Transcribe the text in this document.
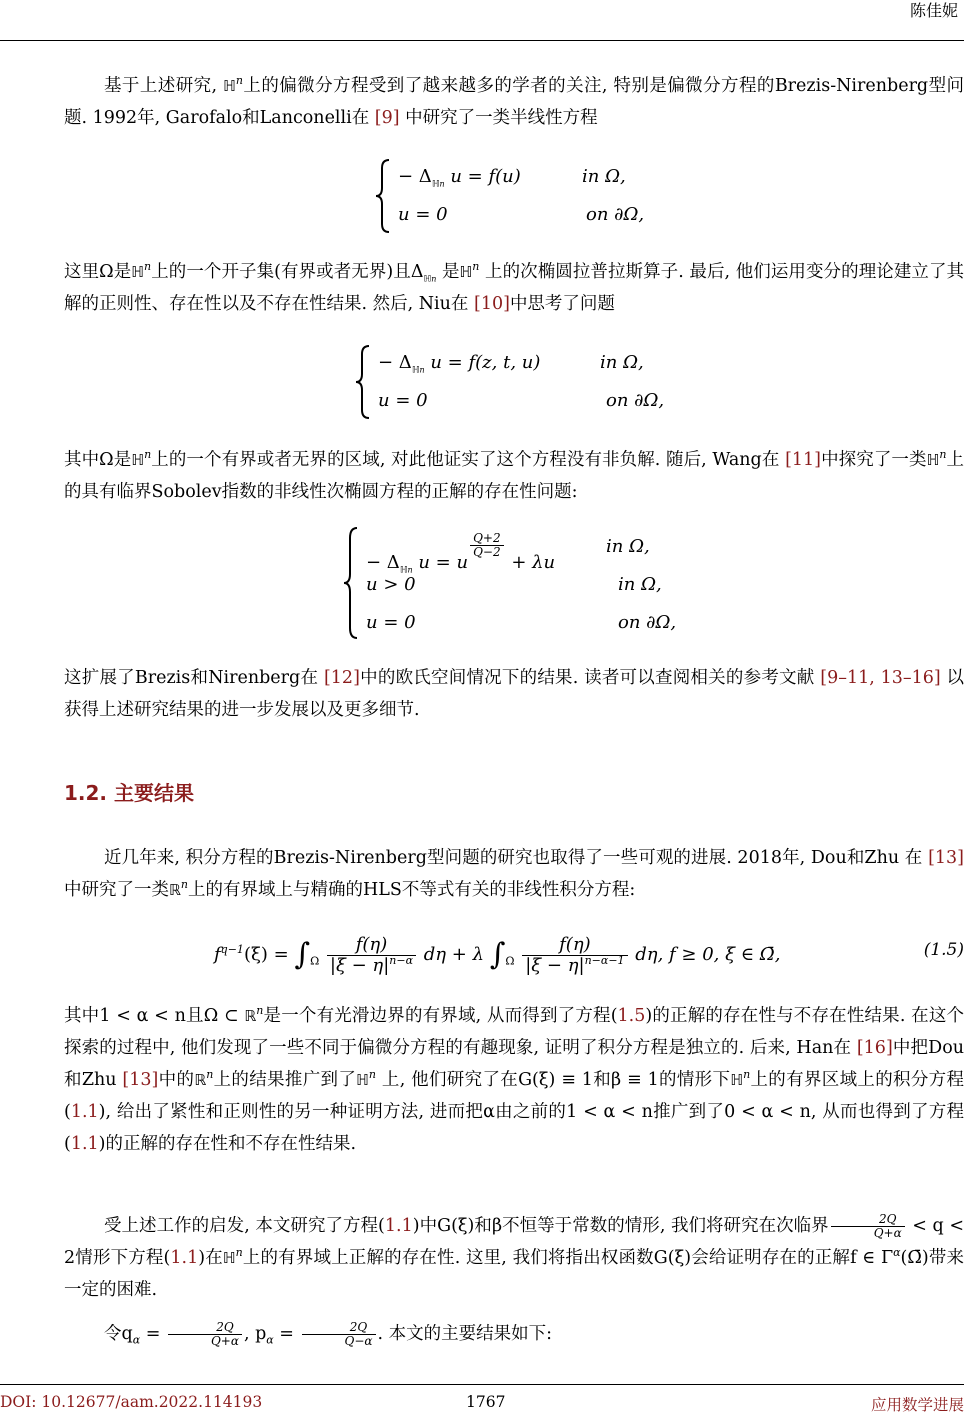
陈佳妮

基于上述研究, ℍ$^n$上的偏微分方程受到了越来越多的学者的关注, 特别是偏微分方程的Brezis-Nirenberg型问题. 1992年, Garofalo和Lanconelli在 [9] 中研究了一类半线性方程

− $\Delta_{ℍn}$ u = f(u)	in Ω,
u = 0	on ∂Ω,

这里Ω是ℍ$^n$上的一个开子集(有界或者无界)且$\Delta_{ℍn}$ 是ℍ$^n$ 上的次椭圆拉普拉斯算子. 最后, 他们运用变分的理论建立了其解的正则性、存在性以及不存在性结果. 然后, Niu在 [10]中思考了问题

− $\Delta_{ℍn}$ u = f(z, t, u)	in Ω,
u = 0	on ∂Ω,

其中Ω是ℍ$^n$上的一个有界或者无界的区域, 对此他证实了这个方程没有非负解. 随后, Wang在 [11]中探究了一类ℍ$^n$上的具有临界Sobolev指数的非线性次椭圆方程的正解的存在性问题:

− $\Delta_{ℍn}$ u = u
$\frac{Q+2}{Q-2}$
+ λu
in Ω,
u > 0	in Ω,
u = 0	on ∂Ω,

这扩展了Brezis和Nirenberg在 [12]中的欧氏空间情况下的结果. 读者可以查阅相关的参考文献 [9–11, 13–16] 以获得上述研究结果的进一步发展以及更多细节.

1.2. 主要结果

近几年来, 积分方程的Brezis-Nirenberg型问题的研究也取得了一些可观的进展. 2018年, Dou和Zhu 在 [13]中研究了一类ℝ$^n$上的有界域上与精确的HLS不等式有关的非线性积分方程:

$f^{q-1}(\xi) = \int_\Omega \frac{f(\eta)}{|\xi - \eta|^{n-\alpha}}$ dη + λ $\int_\Omega \frac{f(\eta)}{|\xi - \eta|^{n-\alpha-1}} d\eta$, f ≥ 0, ξ ∈ Ω̄,	(1.5)

其中1 < α < n且Ω ⊂ ℝ$^n$是一个有光滑边界的有界域, 从而得到了方程(1.5)的正解的存在性与不存在性结果. 在这个探索的过程中, 他们发现了一些不同于偏微分方程的有趣现象, 证明了积分方程是独立的. 后来, Han在 [16]中把Dou和Zhu [13]中的ℝ$^n$上的结果推广到了ℍ$^n$ 上, 他们研究了在G(ξ) ≡ 1和β ≡ 1的情形下ℍ$^n$上的有界区域上的积分方程(1.1), 给出了紧性和正则性的另一种证明方法, 进而把α由之前的1 < α < n推广到了0 < α < n, 从而也得到了方程(1.1)的正解的存在性和不存在性结果.

受上述工作的启发, 本文研究了方程(1.1)中G(ξ)和β不恒等于常数的情形, 我们将研究在次临界 $\frac{2Q}{Q+\alpha} < q < 2$情形下方程(1.1)在ℍ$^n$上的有界域上正解的存在性. 这里, 我们将指出权函数G(ξ)会给证明存在的正解f ∈ $\Gamma^\alpha(\Omegā)$带来一定的困难.

令$q_\alpha = \frac{2Q}{Q+\alpha}$ , $p_\alpha = \frac{2Q}{Q-\alpha}$ . 本文的主要结果如下:

DOI: 10.12677/aam.2022.114193	1767	应用数学进展
